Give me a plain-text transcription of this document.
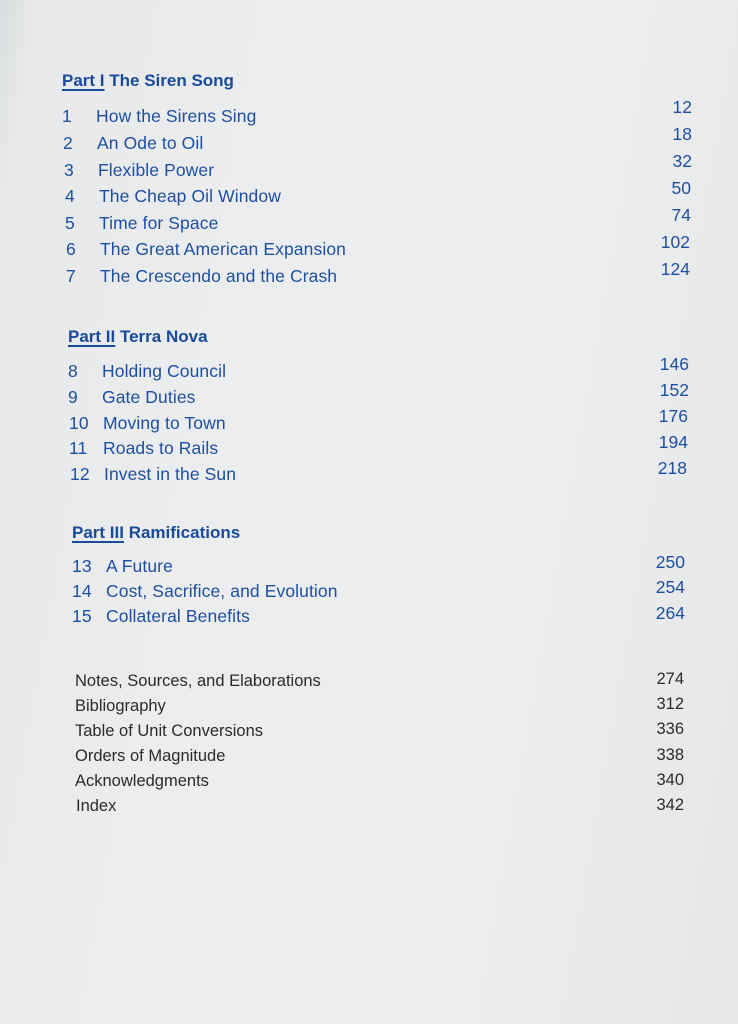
Part I The Siren Song
1 How the Sirens Sing	12
2 An Ode to Oil	18
3 Flexible Power	32
4 The Cheap Oil Window	50
5 Time for Space	74
6 The Great American Expansion	102
7 The Crescendo and the Crash	124
Part II Terra Nova
8 Holding Council	146
9 Gate Duties	152
10 Moving to Town	176
11 Roads to Rails	194
12 Invest in the Sun	218
Part III Ramifications
13 A Future	250
14 Cost, Sacrifice, and Evolution	254
15 Collateral Benefits	264
Notes, Sources, and Elaborations	274
Bibliography	312
Table of Unit Conversions	336
Orders of Magnitude	338
Acknowledgments	340
Index	342
